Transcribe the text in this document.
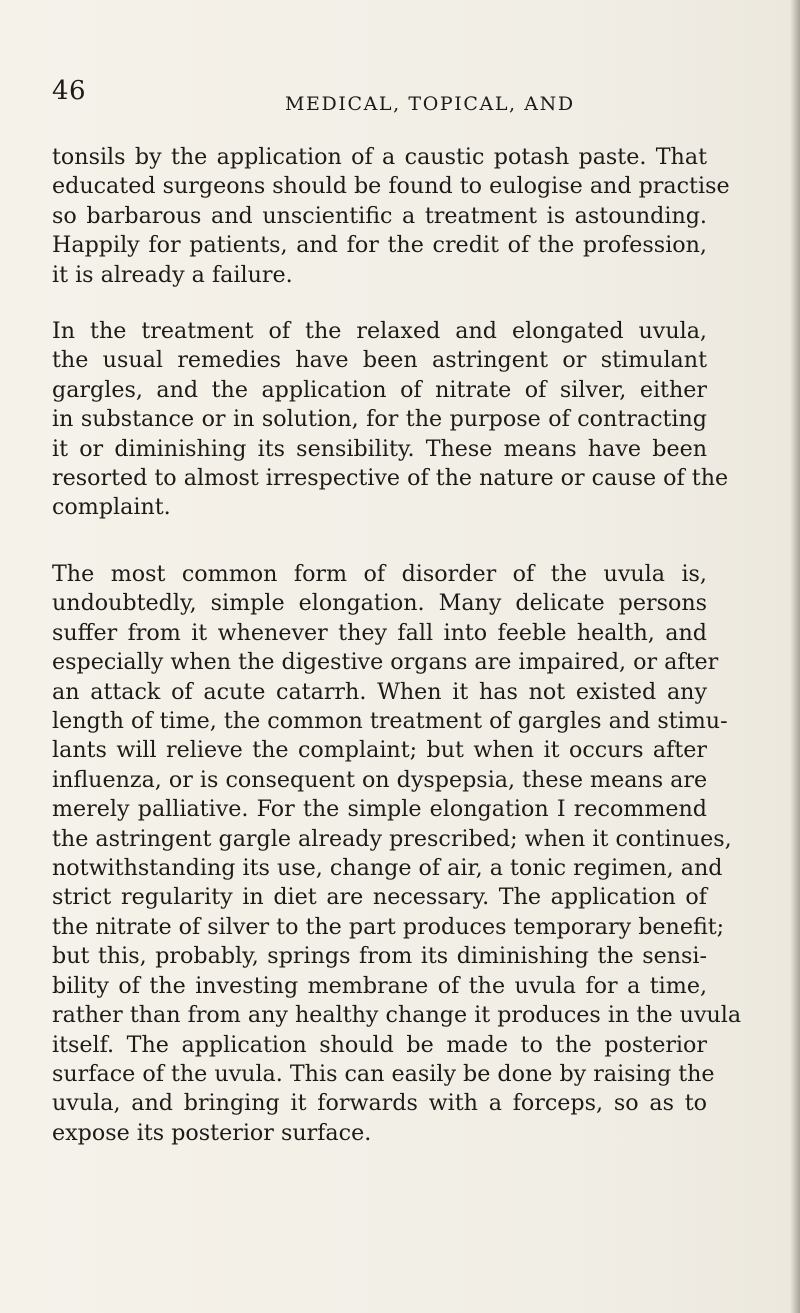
46	MEDICAL, TOPICAL, AND
tonsils by the application of a caustic potash paste. That
educated surgeons should be found to eulogise and practise
so barbarous and unscientific a treatment is astounding.
Happily for patients, and for the credit of the profession,
it is already a failure.
In the treatment of the relaxed and elongated uvula,
the usual remedies have been astringent or stimulant
gargles, and the application of nitrate of silver, either
in substance or in solution, for the purpose of contracting
it or diminishing its sensibility. These means have been
resorted to almost irrespective of the nature or cause of the
complaint.
The most common form of disorder of the uvula is,
undoubtedly, simple elongation. Many delicate persons
suffer from it whenever they fall into feeble health, and
especially when the digestive organs are impaired, or after
an attack of acute catarrh. When it has not existed any
length of time, the common treatment of gargles and stimu-
lants will relieve the complaint; but when it occurs after
influenza, or is consequent on dyspepsia, these means are
merely palliative. For the simple elongation I recommend
the astringent gargle already prescribed; when it continues,
notwithstanding its use, change of air, a tonic regimen, and
strict regularity in diet are necessary. The application of
the nitrate of silver to the part produces temporary benefit;
but this, probably, springs from its diminishing the sensi-
bility of the investing membrane of the uvula for a time,
rather than from any healthy change it produces in the uvula
itself. The application should be made to the posterior
surface of the uvula. This can easily be done by raising the
uvula, and bringing it forwards with a forceps, so as to
expose its posterior surface.
